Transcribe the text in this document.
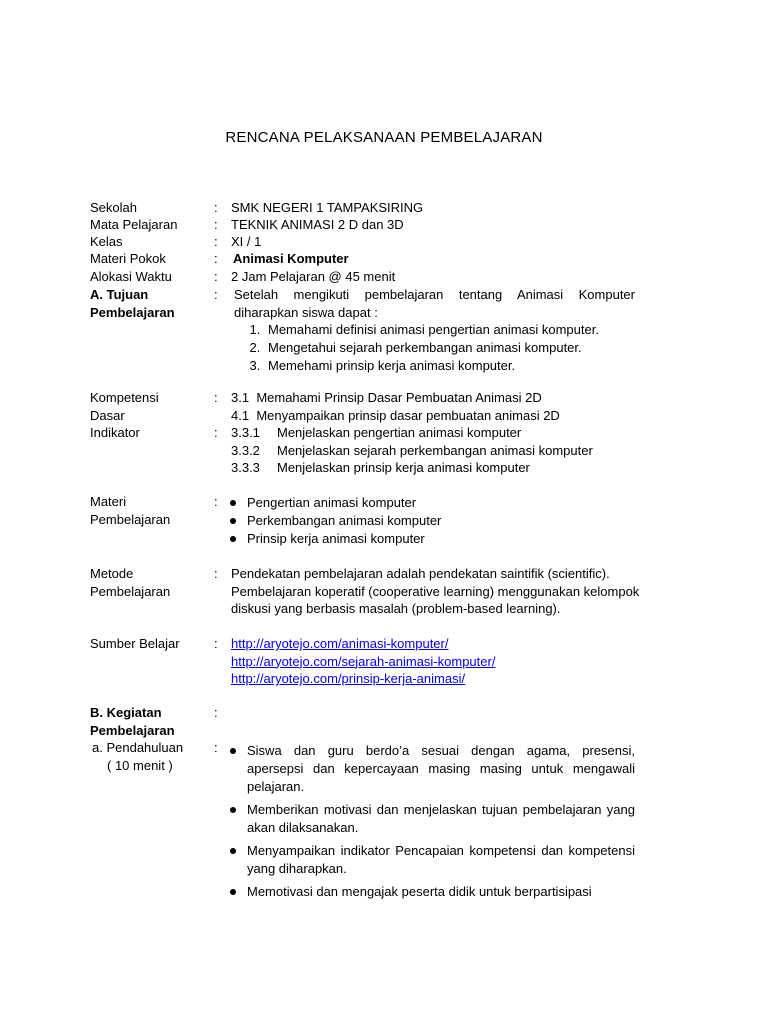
RENCANA PELAKSANAAN PEMBELAJARAN
Sekolah	:	SMK NEGERI 1 TAMPAKSIRING
Mata Pelajaran	:	TEKNIK ANIMASI 2 D dan 3D
Kelas	:	XI / 1
Materi Pokok	:	Animasi Komputer
Alokasi Waktu	:	2 Jam Pelajaran @ 45 menit
A. Tujuan
Pembelajaran
:	Setelah mengikuti pembelajaran tentang Animasi Komputer diharapkan siswa dapat :
1. Memahami definisi animasi pengertian animasi komputer.
2. Mengetahui sejarah perkembangan animasi komputer.
3. Memehami prinsip kerja animasi komputer.
Kompetensi
Dasar
:	3.1 Memahami Prinsip Dasar Pembuatan Animasi 2D
4.1 Menyampaikan prinsip dasar pembuatan animasi 2D
Indikator	:	3.3.1 Menjelaskan pengertian animasi komputer
3.3.2 Menjelaskan sejarah perkembangan animasi komputer
3.3.3 Menjelaskan prinsip kerja animasi komputer
Materi
Pembelajaran
:	Pengertian animasi komputer
Perkembangan animasi komputer
Prinsip kerja animasi komputer
Metode
Pembelajaran
:	Pendekatan pembelajaran adalah pendekatan saintifik (scientific). Pembelajaran koperatif (cooperative learning) menggunakan kelompok diskusi yang berbasis masalah (problem-based learning).
Sumber Belajar	:	http://aryotejo.com/animasi-komputer/
http://aryotejo.com/sejarah-animasi-komputer/
http://aryotejo.com/prinsip-kerja-animasi/
B. Kegiatan
Pembelajaran
:
a. Pendahuluan
( 10 menit )
:	Siswa dan guru berdo’a sesuai dengan agama, presensi, apersepsi dan kepercayaan masing masing untuk mengawali pelajaran.
Memberikan motivasi dan menjelaskan tujuan pembelajaran yang akan dilaksanakan.
Menyampaikan indikator Pencapaian kompetensi dan kompetensi yang diharapkan.
Memotivasi dan mengajak peserta didik untuk berpartisipasi
